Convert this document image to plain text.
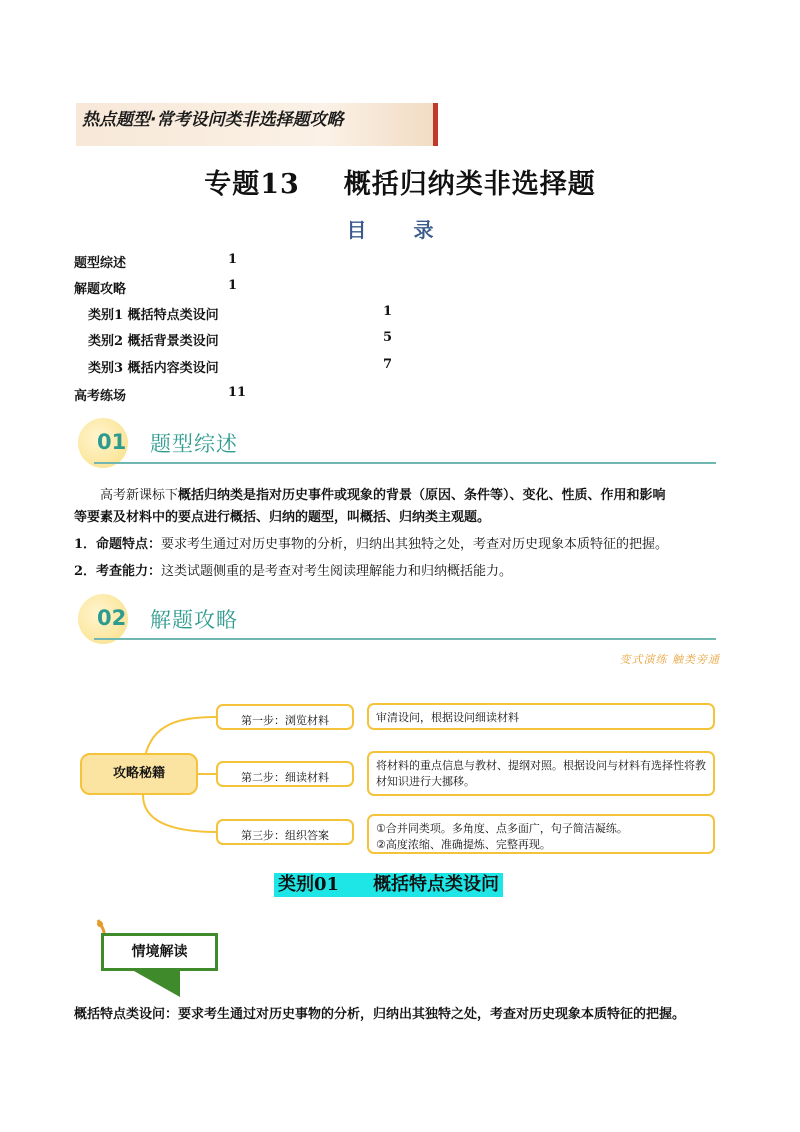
热点题型·常考设问类非选择题攻略
专题13 概括归纳类非选择题
目 录
题型综述	1
解题攻略	1
类别1 概括特点类设问	1
类别2 概括背景类设问	5
类别3 概括内容类设问	7
高考练场	11
01 题型综述
高考新课标下概括归纳类是指对历史事件或现象的背景（原因、条件等）、变化、性质、作用和影响
等要素及材料中的要点进行概括、归纳的题型，叫概括、归纳类主观题。
1．命题特点：要求考生通过对历史事物的分析，归纳出其独特之处，考查对历史现象本质特征的把握。
2．考查能力：这类试题侧重的是考查对考生阅读理解能力和归纳概括能力。
02 解题攻略
变式演练 触类旁通
攻略秘籍
第一步：浏览材料	审清设问，根据设问细读材料
第二步：细读材料
将材料的重点信息与教材、提纲对照。根据设问与材料有选择性将教
材知识进行大挪移。
第三步：组织答案
①合并同类项。多角度、点多面广，句子简洁凝练。
②高度浓缩、准确提炼、完整再现。
类别01 概括特点类设问
情境解读
概括特点类设问：要求考生通过对历史事物的分析，归纳出其独特之处，考查对历史现象本质特征的把握。
